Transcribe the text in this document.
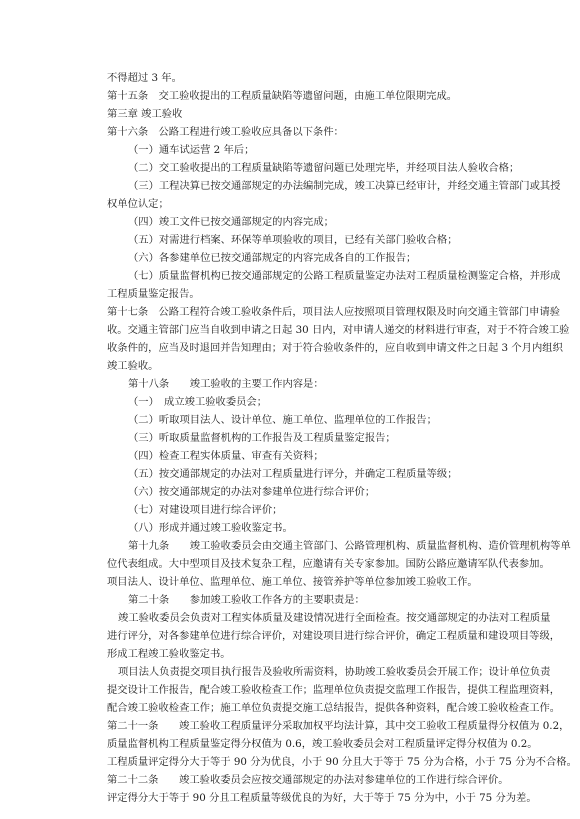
不得超过 3 年。
第十五条　交工验收提出的工程质量缺陷等遗留问题，由施工单位限期完成。
第三章 竣工验收
第十六条　公路工程进行竣工验收应具备以下条件：
（一）通车试运营 2 年后；
（二）交工验收提出的工程质量缺陷等遗留问题已处理完毕，并经项目法人验收合格；
（三）工程决算已按交通部规定的办法编制完成，竣工决算已经审计，并经交通主管部门或其授
权单位认定；
（四）竣工文件已按交通部规定的内容完成；
（五）对需进行档案、环保等单项验收的项目，已经有关部门验收合格；
（六）各参建单位已按交通部规定的内容完成各自的工作报告；
（七）质量监督机构已按交通部规定的公路工程质量鉴定办法对工程质量检测鉴定合格，并形成
工程质量鉴定报告。
第十七条　公路工程符合竣工验收条件后，项目法人应按照项目管理权限及时向交通主管部门申请验
收。交通主管部门应当自收到申请之日起 30 日内，对申请人递交的材料进行审查，对于不符合竣工验
收条件的，应当及时退回并告知理由；对于符合验收条件的，应自收到申请文件之日起 3 个月内组织
竣工验收。
第十八条　　竣工验收的主要工作内容是：
（一）　成立竣工验收委员会；
（二）听取项目法人、设计单位、施工单位、监理单位的工作报告；
（三）听取质量监督机构的工作报告及工程质量鉴定报告；
（四）检查工程实体质量、审查有关资料；
（五）按交通部规定的办法对工程质量进行评分，并确定工程质量等级；
（六）按交通部规定的办法对参建单位进行综合评价；
（七）对建设项目进行综合评价；
（八）形成并通过竣工验收鉴定书。
第十九条　　竣工验收委员会由交通主管部门、公路管理机构、质量监督机构、造价管理机构等单
位代表组成。大中型项目及技术复杂工程，应邀请有关专家参加。国防公路应邀请军队代表参加。
项目法人、设计单位、监理单位、施工单位、接管养护等单位参加竣工验收工作。
第二十条　　参加竣工验收工作各方的主要职责是：
竣工验收委员会负责对工程实体质量及建设情况进行全面检查。按交通部规定的办法对工程质量
进行评分，对各参建单位进行综合评价，对建设项目进行综合评价，确定工程质量和建设项目等级，
形成工程竣工验收鉴定书。
项目法人负责提交项目执行报告及验收所需资料，协助竣工验收委员会开展工作；设计单位负责
提交设计工作报告，配合竣工验收检查工作；监理单位负责提交监理工作报告，提供工程监理资料，
配合竣工验收检查工作；施工单位负责提交施工总结报告，提供各种资料，配合竣工验收检查工作。
第二十一条　　竣工验收工程质量评分采取加权平均法计算，其中交工验收工程质量得分权值为 0.2，
质量监督机构工程质量鉴定得分权值为 0.6，竣工验收委员会对工程质量评定得分权值为 0.2。
工程质量评定得分大于等于 90 分为优良，小于 90 分且大于等于 75 分为合格，小于 75 分为不合格。
第二十二条　　竣工验收委员会应按交通部规定的办法对参建单位的工作进行综合评价。
评定得分大于等于 90 分且工程质量等级优良的为好，大于等于 75 分为中，小于 75 分为差。
